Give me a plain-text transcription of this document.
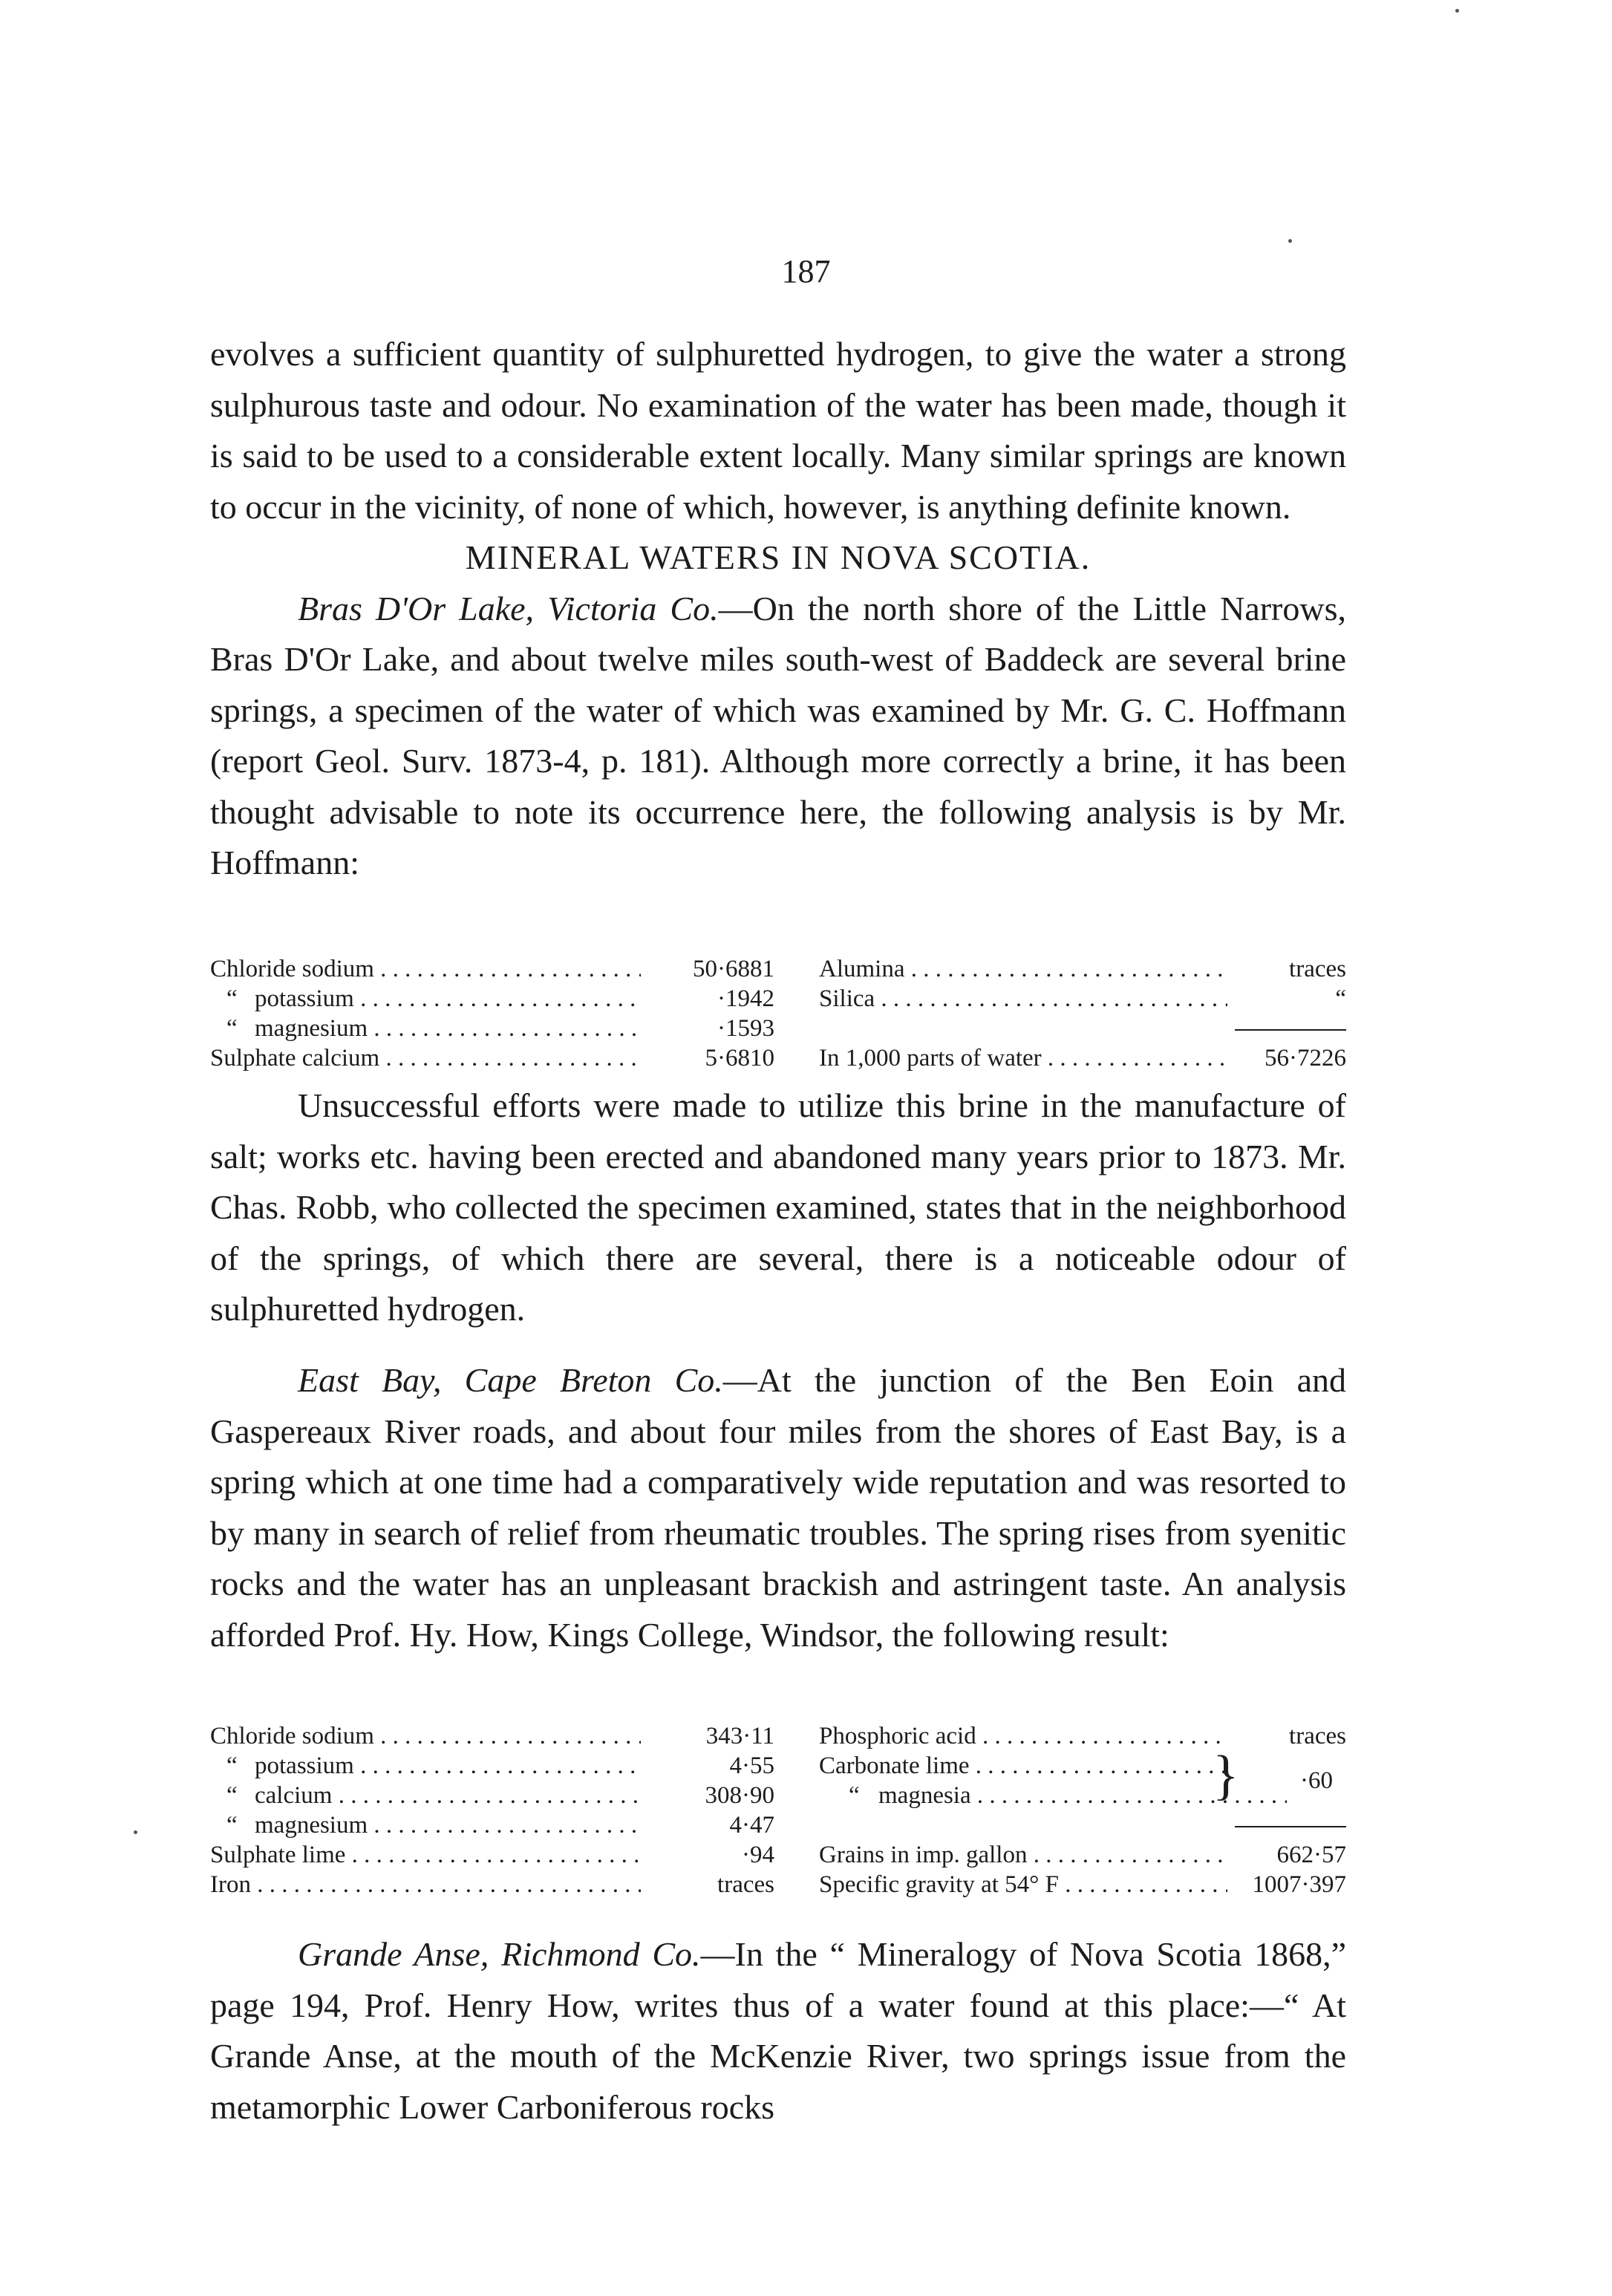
187

evolves a sufficient quantity of sulphuretted hydrogen, to give the water a strong sulphurous taste and odour. No examination of the water has been made, though it is said to be used to a considerable extent locally. Many similar springs are known to occur in the vicinity, of none of which, however, is anything definite known.

MINERAL WATERS IN NOVA SCOTIA.

Bras D'Or Lake, Victoria Co.—On the north shore of the Little Narrows, Bras D'Or Lake, and about twelve miles south-west of Baddeck are several brine springs, a specimen of the water of which was examined by Mr. G. C. Hoffmann (report Geol. Surv. 1873-4, p. 181). Although more correctly a brine, it has been thought advisable to note its occurrence here, the following analysis is by Mr. Hoffmann:

Chloride sodium . . .	50·6881	Alumina . . .	traces
“ potassium . . .	·1942	Silica . . .	“
“ magnesium . . .	·1593
Sulphate calcium . . .	5·6810	In 1,000 parts of water . . .	56·7226

Unsuccessful efforts were made to utilize this brine in the manufacture of salt; works etc. having been erected and abandoned many years prior to 1873. Mr. Chas. Robb, who collected the specimen examined, states that in the neighborhood of the springs, of which there are several, there is a noticeable odour of sulphuretted hydrogen.

East Bay, Cape Breton Co.—At the junction of the Ben Eoin and Gaspereaux River roads, and about four miles from the shores of East Bay, is a spring which at one time had a comparatively wide reputation and was resorted to by many in search of relief from rheumatic troubles. The spring rises from syenitic rocks and the water has an unpleasant brackish and astringent taste. An analysis afforded Prof. Hy. How, Kings College, Windsor, the following result:

Chloride sodium . . .	343·11	Phosphoric acid . . .	traces
“ potassium . . .	4·55	Carbonate lime . . .
“ calcium . . .	308·90
“	magnesia . . .
“ magnesium . . .	4·47
Sulphate lime . . .	·94	Grains in imp. gallon . . .	662·57
Iron . . .	traces	Specific gravity at 54° F . . .	1007·397
} ·60

Grande Anse, Richmond Co.—In the “ Mineralogy of Nova Scotia 1868,” page 194, Prof. Henry How, writes thus of a water found at this place:—“ At Grande Anse, at the mouth of the McKenzie River, two springs issue from the metamorphic Lower Carboniferous rocks
